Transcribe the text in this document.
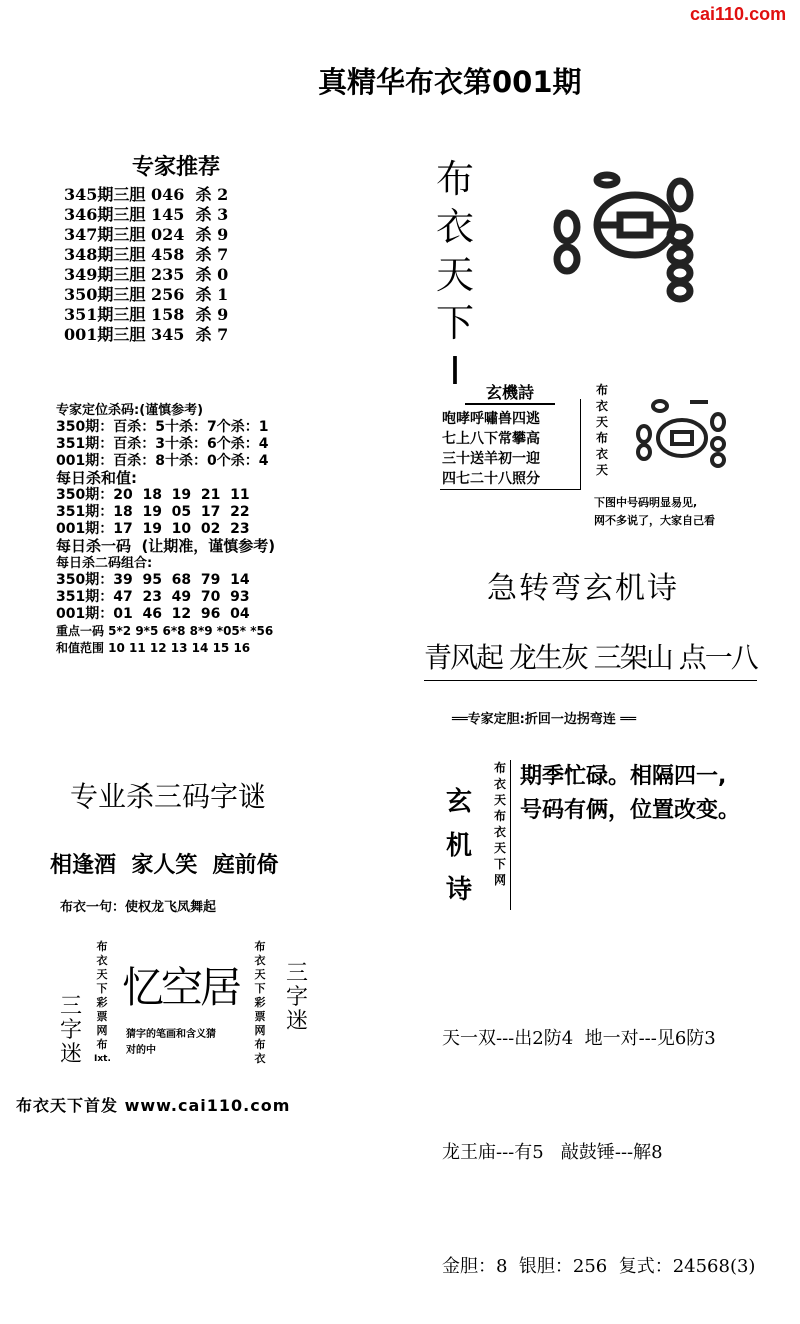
cai110.com
真精华布衣第001期
专家推荐
345期三胆 046  杀 2
346期三胆 145  杀 3
347期三胆 024  杀 9
348期三胆 458  杀 7
349期三胆 235  杀 0
350期三胆 256  杀 1
351期三胆 158  杀 9
001期三胆 345  杀 7
专家定位杀码:(谨慎参考)
350期：百杀：5十杀：7个杀：1
351期：百杀：3十杀：6个杀：4
001期：百杀：8十杀：0个杀：4
每日杀和值:
350期：20  18  19  21  11
351期：18  19  05  17  22
001期：17  19  10  02  23
每日杀一码  (让期准，谨慎参考)
每日杀二码组合:
350期：39  95  68  79  14
351期：47  23  49  70  93
001期：01  46  12  96  04
重点一码 5*2 9*5 6*8 8*9 *05* *56
和值范围 10 11 12 13 14 15 16
布
衣
天
下
I	玄機詩
咆哮呼嘯兽四逃
七上八下常攀高
三十送羊初一迎
四七二十八照分
布
衣
天
布
衣
天
下图中号码明显易见,
网不多说了，大家自己看
急转弯玄机诗
青风起 龙生灰 三架山 点一八
══专家定胆:折回一边拐弯连 ══
玄
机
诗
布
衣
天
布
衣
天
下
网
期季忙碌。相隔四一,
号码有俩，位置改变。

天一双---出2防4  地一对---见6防3

龙王庙---有5   敲鼓锤---解8

金胆：8  银胆：256  复式：24568(3)

专业杀三码字谜
相逢酒  家人笑  庭前倚
布衣一句：使权龙飞凤舞起
三
字
迷
布
衣
天
下
彩
票
网
布
Ixt.
忆空居
猜字的笔画和含义猜
对的中
布
衣
天
下
彩
票
网
布
衣
三
字
迷
布衣天下首发 www.cai110.com
